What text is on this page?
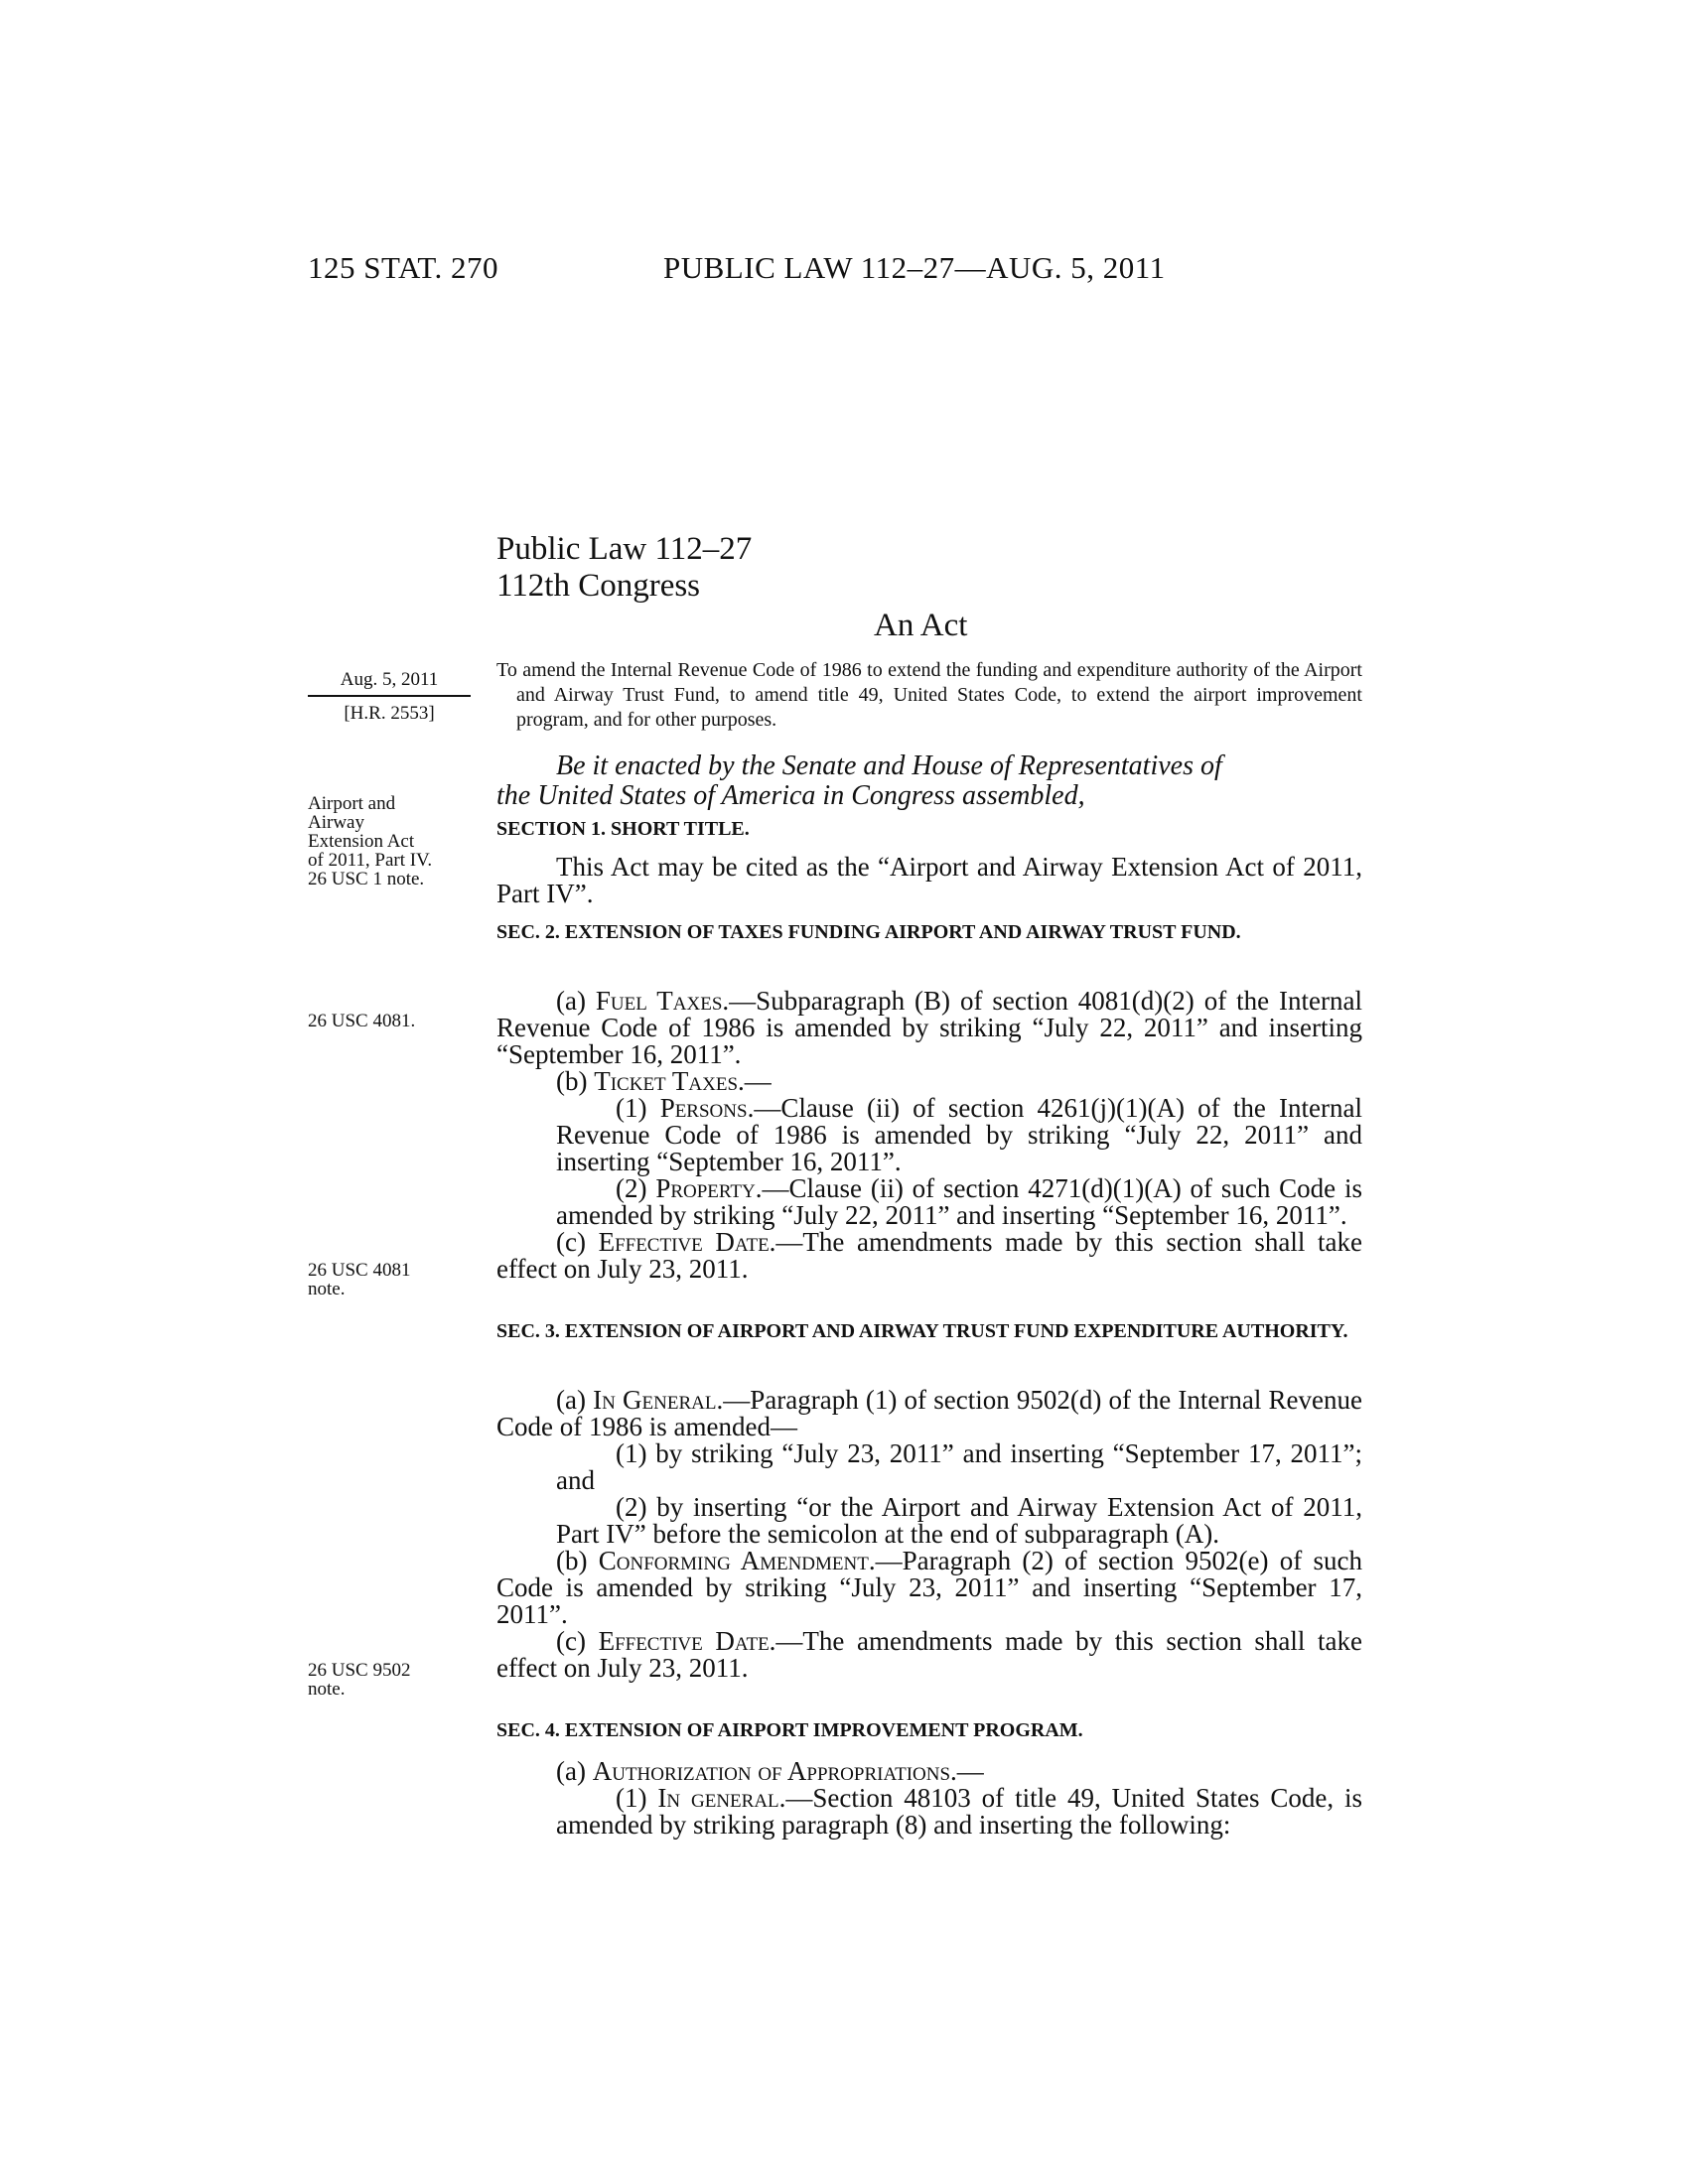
125 STAT. 270	PUBLIC LAW 112–27—AUG. 5, 2011
Public Law 112–27
112th Congress
An Act
Aug. 5, 2011
[H.R. 2553]

To amend the Internal Revenue Code of 1986 to extend the funding and expenditure authority of the Airport and Airway Trust Fund, to amend title 49, United States Code, to extend the airport improvement program, and for other purposes.

Airport and
Airway
Extension Act
of 2011, Part IV.
26 USC 1 note.
26 USC 4081.
26 USC 4081
note.
26 USC 9502
note.
Be it enacted by the Senate and House of Representatives of
the United States of America in Congress assembled,
SECTION 1. SHORT TITLE.

This Act may be cited as the “Airport and Airway Extension Act of 2011, Part IV”.

SEC. 2. EXTENSION OF TAXES FUNDING AIRPORT AND AIRWAY TRUST FUND.

(a) Fuel Taxes.—Subparagraph (B) of section 4081(d)(2) of the Internal Revenue Code of 1986 is amended by striking “July 22, 2011” and inserting “September 16, 2011”.

(b) Ticket Taxes.—

(1) Persons.—Clause (ii) of section 4261(j)(1)(A) of the Internal Revenue Code of 1986 is amended by striking “July 22, 2011” and inserting “September 16, 2011”.

(2) Property.—Clause (ii) of section 4271(d)(1)(A) of such Code is amended by striking “July 22, 2011” and inserting “September 16, 2011”.

(c) Effective Date.—The amendments made by this section shall take effect on July 23, 2011.

SEC. 3. EXTENSION OF AIRPORT AND AIRWAY TRUST FUND EXPENDITURE AUTHORITY.

(a) In General.—Paragraph (1) of section 9502(d) of the Internal Revenue Code of 1986 is amended—

(1) by striking “July 23, 2011” and inserting “September 17, 2011”; and

(2) by inserting “or the Airport and Airway Extension Act of 2011, Part IV” before the semicolon at the end of subparagraph (A).

(b) Conforming Amendment.—Paragraph (2) of section 9502(e) of such Code is amended by striking “July 23, 2011” and inserting “September 17, 2011”.

(c) Effective Date.—The amendments made by this section shall take effect on July 23, 2011.

SEC. 4. EXTENSION OF AIRPORT IMPROVEMENT PROGRAM.

(a) Authorization of Appropriations.—

(1) In general.—Section 48103 of title 49, United States Code, is amended by striking paragraph (8) and inserting the following:
